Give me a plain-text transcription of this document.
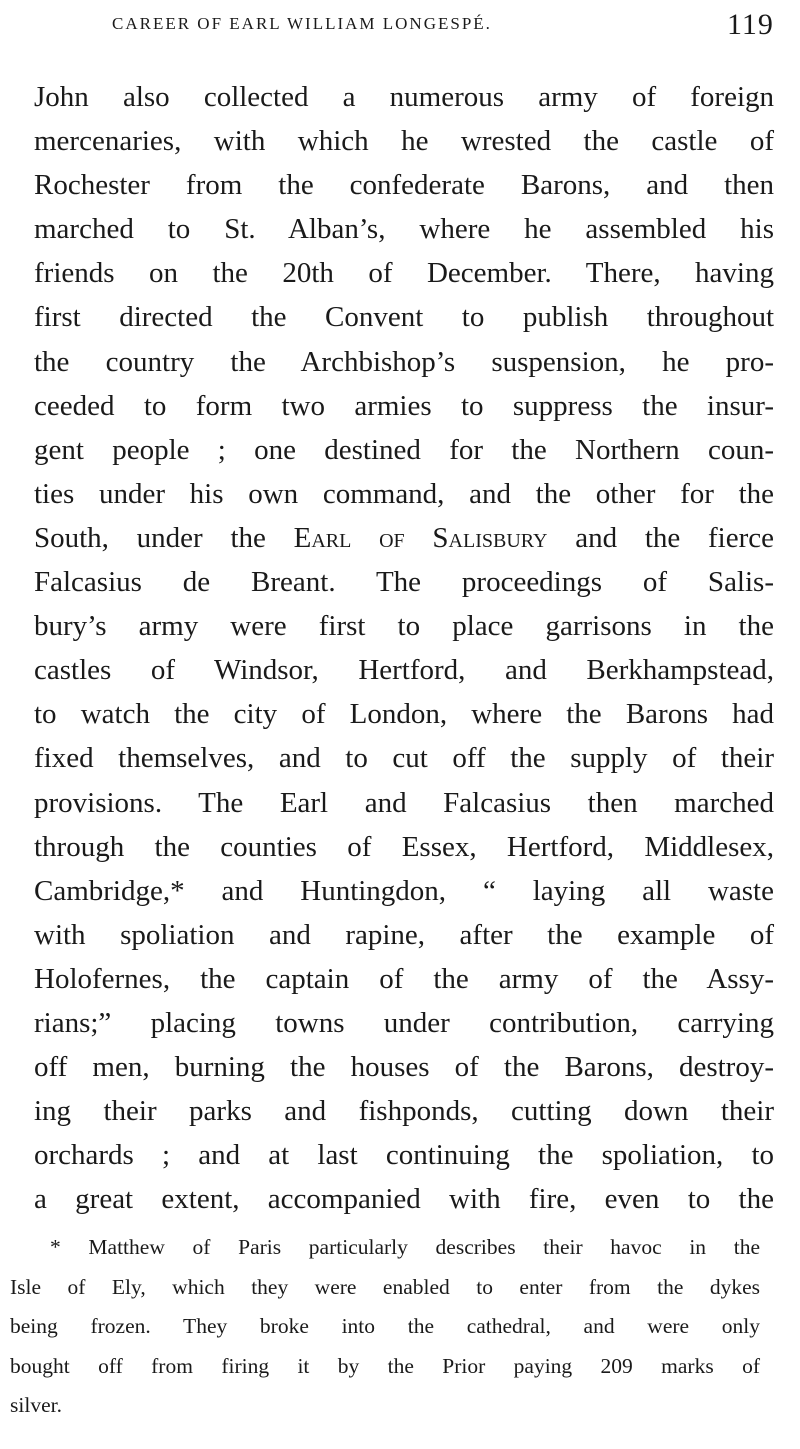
CAREER OF EARL WILLIAM LONGESPÉ.	119
John also collected a numerous army of foreign
mercenaries, with which he wrested the castle of
Rochester from the confederate Barons, and then
marched to St. Alban’s, where he assembled his
friends on the 20th of December. There, having
first directed the Convent to publish throughout
the country the Archbishop’s suspension, he pro-
ceeded to form two armies to suppress the insur-
gent people ; one destined for the Northern coun-
ties under his own command, and the other for the
South, under the Earl of Salisbury and the fierce
Falcasius de Breant. The proceedings of Salis-
bury’s army were first to place garrisons in the
castles of Windsor, Hertford, and Berkhampstead,
to watch the city of London, where the Barons had
fixed themselves, and to cut off the supply of their
provisions. The Earl and Falcasius then marched
through the counties of Essex, Hertford, Middlesex,
Cambridge,* and Huntingdon, “ laying all waste
with spoliation and rapine, after the example of
Holofernes, the captain of the army of the Assy-
rians;” placing towns under contribution, carrying
off men, burning the houses of the Barons, destroy-
ing their parks and fishponds, cutting down their
orchards ; and at last continuing the spoliation, to
a great extent, accompanied with fire, even to the
* Matthew of Paris particularly describes their havoc in the
Isle of Ely, which they were enabled to enter from the dykes
being frozen. They broke into the cathedral, and were only
bought off from firing it by the Prior paying 209 marks of
silver.
